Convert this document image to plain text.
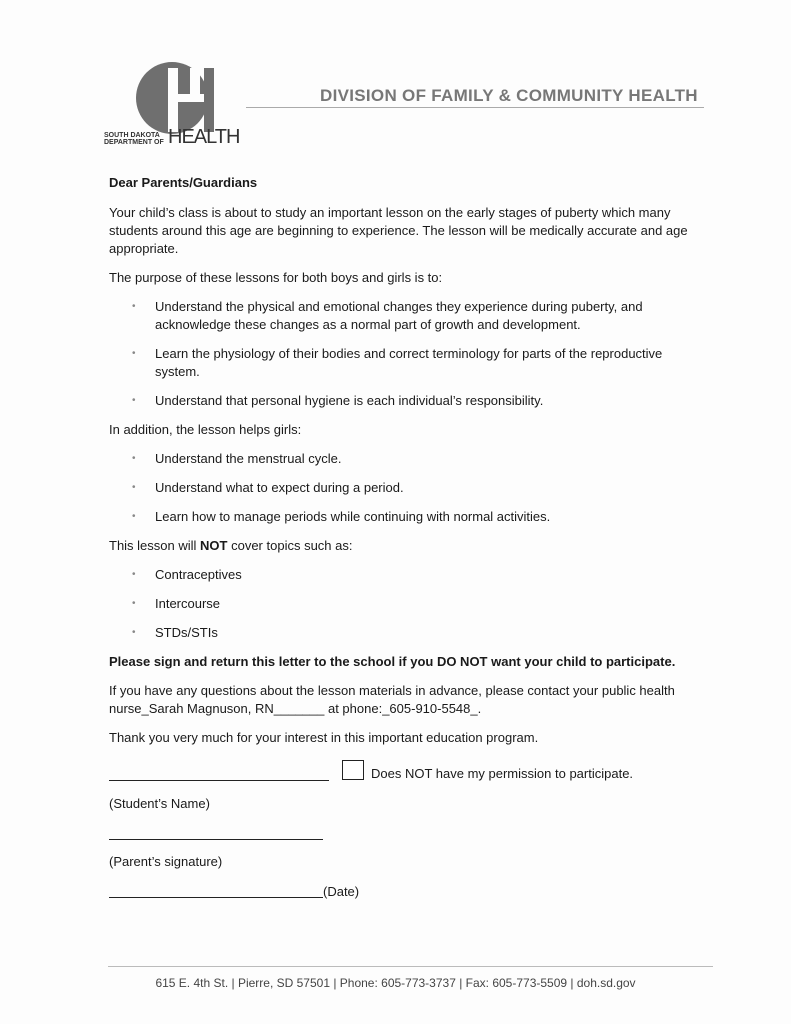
SOUTH DAKOTA
DEPARTMENT OF HEALTH
DIVISION OF FAMILY & COMMUNITY HEALTH

Dear Parents/Guardians

Your child’s class is about to study an important lesson on the early stages of puberty which many students around this age are beginning to experience. The lesson will be medically accurate and age appropriate.

The purpose of these lessons for both boys and girls is to:

• Understand the physical and emotional changes they experience during puberty, and acknowledge these changes as a normal part of growth and development.
• Learn the physiology of their bodies and correct terminology for parts of the reproductive system.
• Understand that personal hygiene is each individual’s responsibility.

In addition, the lesson helps girls:

• Understand the menstrual cycle.
• Understand what to expect during a period.
• Learn how to manage periods while continuing with normal activities.

This lesson will NOT cover topics such as:

• Contraceptives
• Intercourse
• STDs/STIs

Please sign and return this letter to the school if you DO NOT want your child to participate.

If you have any questions about the lesson materials in advance, please contact your public health nurse_Sarah Magnuson, RN_______ at phone:_605-910-5548_.

Thank you very much for your interest in this important education program.

Does NOT have my permission to participate.
(Student’s Name)
(Parent’s signature)
(Date)
615 E. 4th St. | Pierre, SD 57501 | Phone: 605-773-3737 | Fax: 605-773-5509 | doh.sd.gov
